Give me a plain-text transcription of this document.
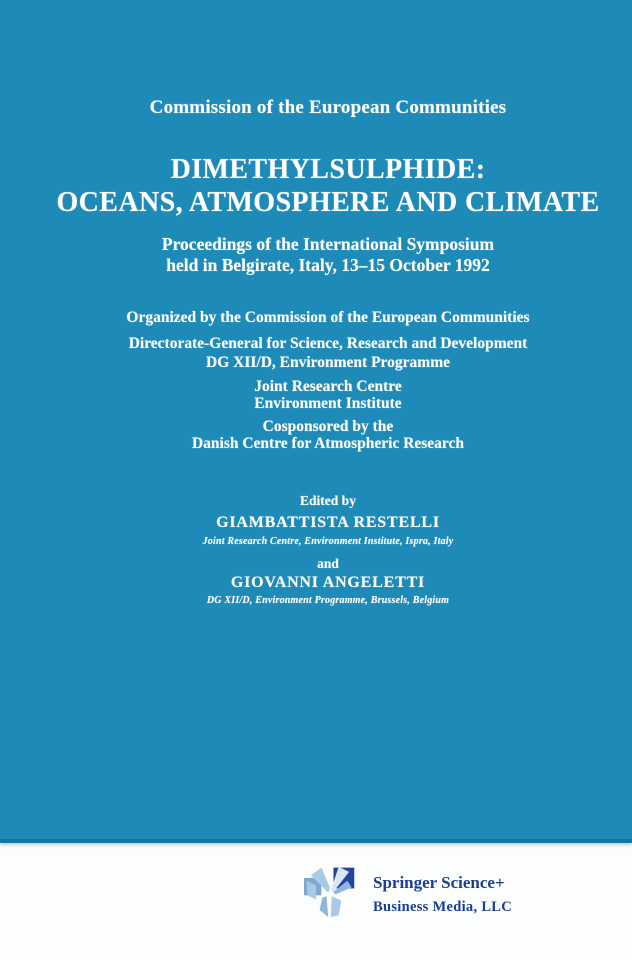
Commission of the European Communities
DIMETHYLSULPHIDE:
OCEANS, ATMOSPHERE AND CLIMATE
Proceedings of the International Symposium
held in Belgirate, Italy, 13–15 October 1992
Organized by the Commission of the European Communities
Directorate-General for Science, Research and Development
DG XII/D, Environment Programme
Joint Research Centre
Environment Institute
Cosponsored by the
Danish Centre for Atmospheric Research
Edited by
GIAMBATTISTA RESTELLI
Joint Research Centre, Environment Institute, Ispra, Italy
and
GIOVANNI ANGELETTI
DG XII/D, Environment Programme, Brussels, Belgium
Springer Science+
Business Media, LLC
